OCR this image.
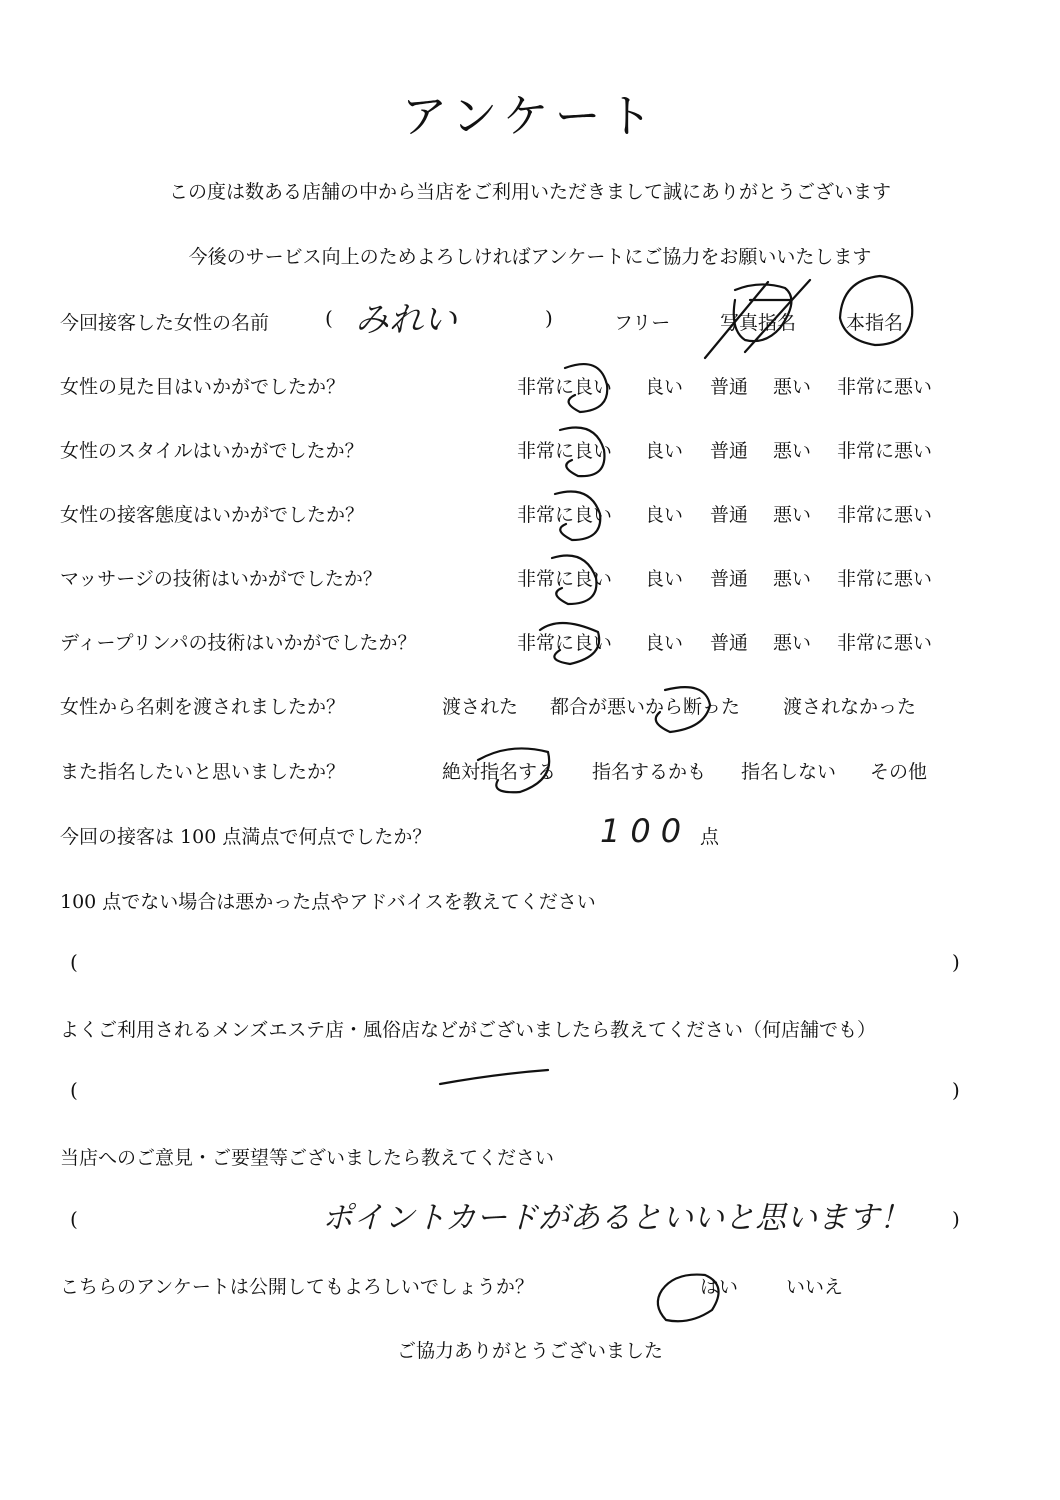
アンケート
この度は数ある店舗の中から当店をご利用いただきまして誠にありがとうございます
今後のサービス向上のためよろしければアンケートにご協力をお願いいたします
今回接客した女性の名前	( みれい	)	フリー	写真指名	本指名
女性の見た目はいかがでしたか？	非常に良い 良い 普通 悪い 非常に悪い
女性のスタイルはいかがでしたか？	非常に良い 良い 普通 悪い 非常に悪い
女性の接客態度はいかがでしたか？	非常に良い 良い 普通 悪い 非常に悪い
マッサージの技術はいかがでしたか？	非常に良い 良い 普通 悪い 非常に悪い
ディープリンパの技術はいかがでしたか？	非常に良い 良い 普通 悪い 非常に悪い
女性から名刺を渡されましたか？	渡された 都合が悪いから断った 渡されなかった
また指名したいと思いましたか？	絶対指名する 指名するかも 指名しない その他
今回の接客は 100 点満点で何点でしたか？	100 点
100 点でない場合は悪かった点やアドバイスを教えてください
(	)
よくご利用されるメンズエステ店・風俗店などがございましたら教えてください（何店舗でも）
(	)
当店へのご意見・ご要望等ございましたら教えてください
(	ポイントカードがあるといいと思います！ )
こちらのアンケートは公開してもよろしいでしょうか？	はい	いいえ
ご協力ありがとうございました
